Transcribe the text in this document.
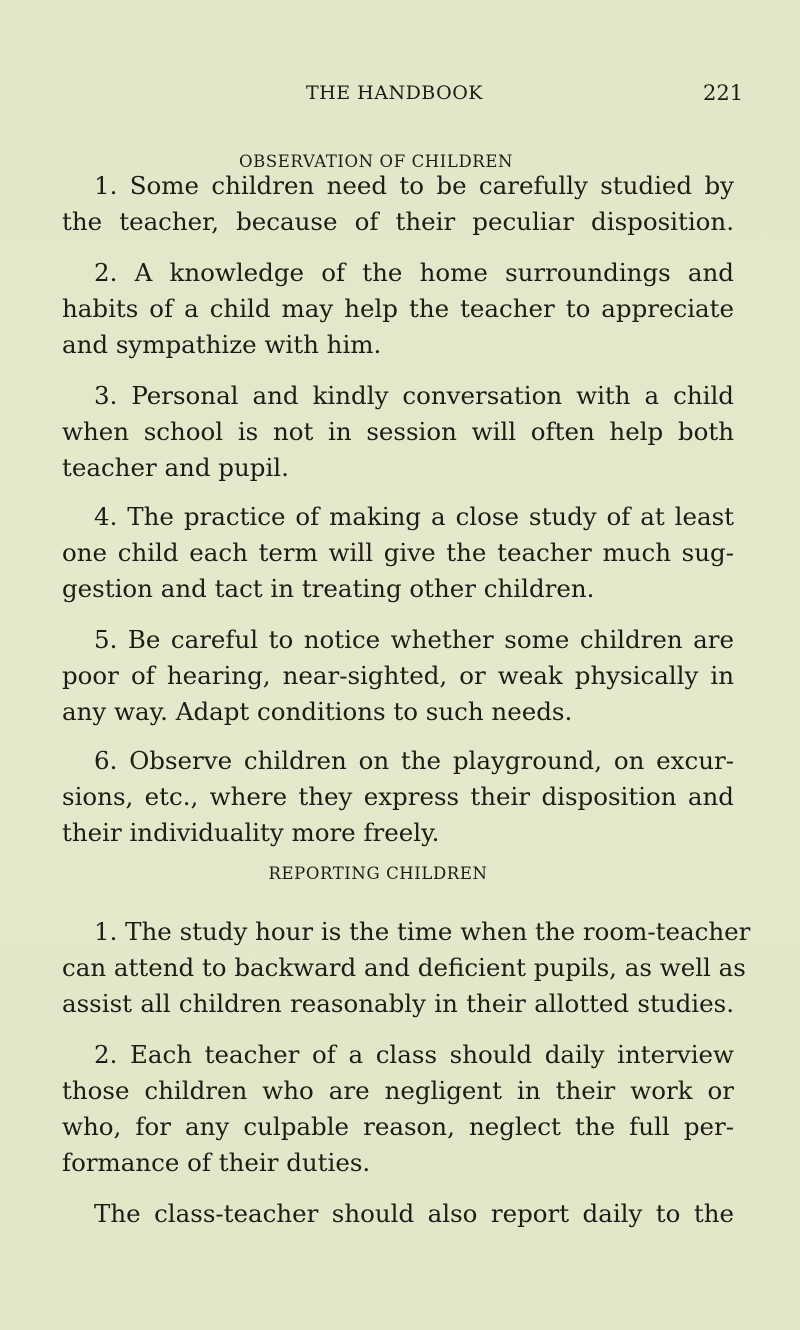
THE HANDBOOK	221
OBSERVATION OF CHILDREN
1. Some children need to be carefully studied by
the teacher, because of their peculiar disposition.
2. A knowledge of the home surroundings and
habits of a child may help the teacher to appreciate
and sympathize with him.
3. Personal and kindly conversation with a child
when school is not in session will often help both
teacher and pupil.
4. The practice of making a close study of at least
one child each term will give the teacher much sug-
gestion and tact in treating other children.
5. Be careful to notice whether some children are
poor of hearing, near-sighted, or weak physically in
any way. Adapt conditions to such needs.
6. Observe children on the playground, on excur-
sions, etc., where they express their disposition and
their individuality more freely.
REPORTING CHILDREN
1. The study hour is the time when the room-teacher
can attend to backward and deficient pupils, as well as
assist all children reasonably in their allotted studies.
2. Each teacher of a class should daily interview
those children who are negligent in their work or
who, for any culpable reason, neglect the full per-
formance of their duties.
The class-teacher should also report daily to the
